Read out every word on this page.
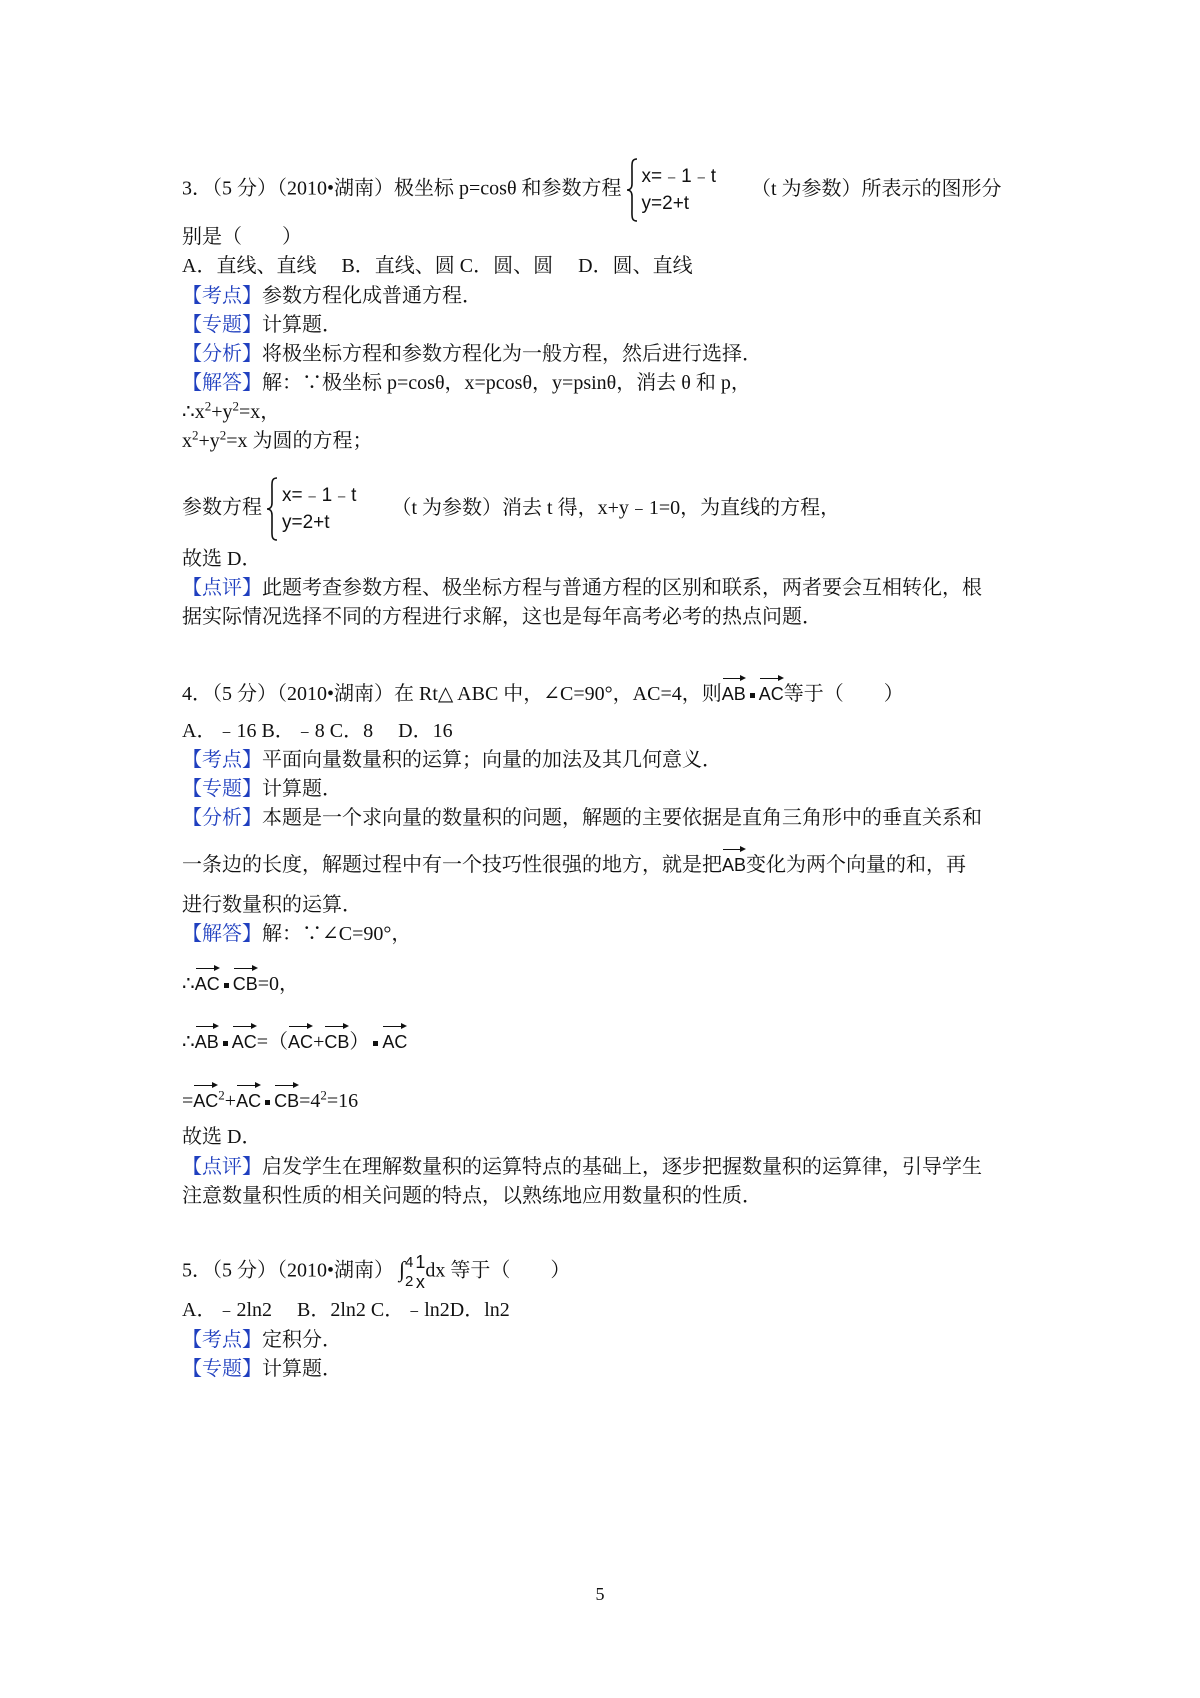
3．（5 分）（2010•湖南）极坐标 p=cosθ 和参数方程x=﹣1﹣t
y=2+t （t 为参数）所表示的图形分
别是（　　）
A．直线、直线　 B．直线、圆 C．圆、圆　 D．圆、直线
【考点】参数方程化成普通方程．
【专题】计算题．
【分析】将极坐标方程和参数方程化为一般方程，然后进行选择．
【解答】解：∵极坐标 p=cosθ，x=pcosθ，y=psinθ，消去 θ 和 p，
$\therefore x^2+y^2=x$，
$x^2+y^2=x$ 为圆的方程；
参数方程x=﹣1﹣t
y=2+t （t 为参数）消去 t 得，x+y﹣1=0，为直线的方程，
故选 D．
【点评】此题考查参数方程、极坐标方程与普通方程的区别和联系，两者要会互相转化，根
据实际情况选择不同的方程进行求解，这也是每年高考必考的热点问题．
4．（5 分）（2010•湖南）在 Rt△ ABC 中，∠C=90°，AC=4，则AB AC等于（　　）
A．﹣16 B．﹣8 C．8　 D．16
【考点】平面向量数量积的运算；向量的加法及其几何意义．
【专题】计算题．
【分析】本题是一个求向量的数量积的问题，解题的主要依据是直角三角形中的垂直关系和
一条边的长度，解题过程中有一个技巧性很强的地方，就是把AB变化为两个向量的和，再
进行数量积的运算．
【解答】解：∵∠C=90°，
∴AC CB=0，
∴AB AC=（AC+CB） AC
$=AC^2+AC$ $CB=4^2=16$
故选 D．
【点评】启发学生在理解数量积的运算特点的基础上，逐步把握数量积的运算律，引导学生
注意数量积性质的相关问题的特点，以熟练地应用数量积的性质．
5．（5 分）（2010•湖南） ∫4
21
xdx 等于（　　）
A．﹣2ln2　 B．2ln2 C．﹣ln2D．ln2
【考点】定积分．
【专题】计算题．
5
